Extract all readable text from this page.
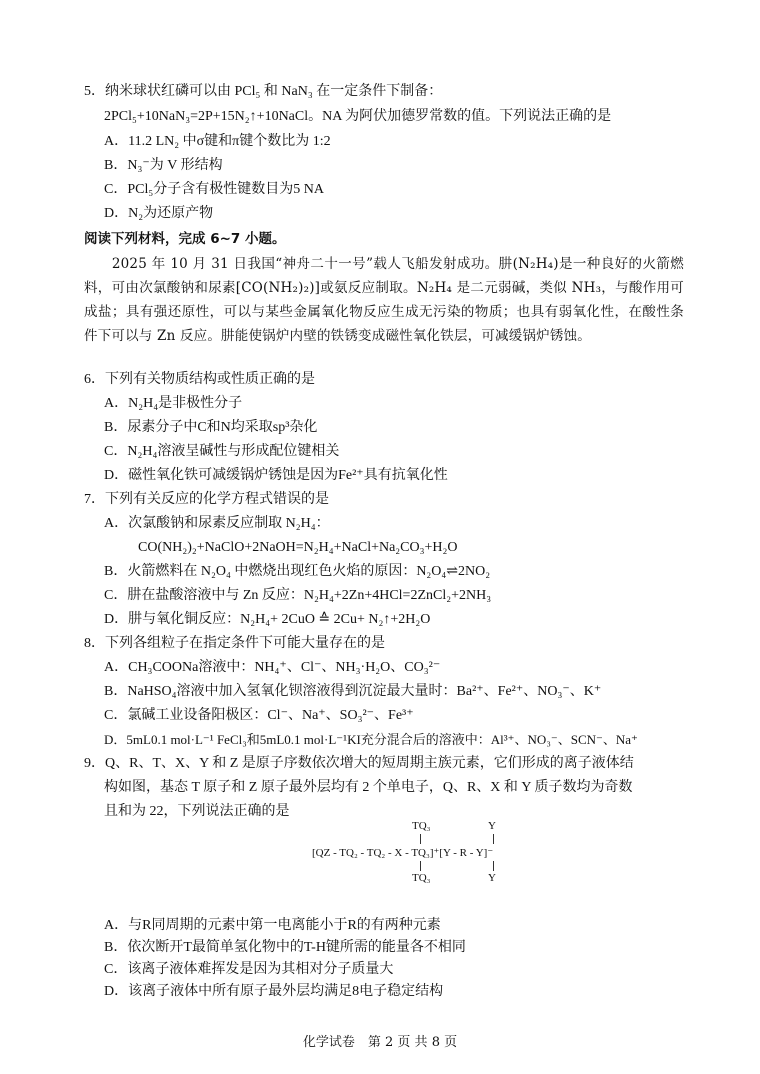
5．纳米球状红磷可以由 PCl₅ 和 NaN₃ 在一定条件下制备：
2PCl₅+10NaN₃=2P+15N₂↑+10NaCl。NA 为阿伏加德罗常数的值。下列说法正确的是
A．11.2 LN₂ 中σ键和π键个数比为 1:2
B．N₃⁻为 V 形结构
C．PCl₅分子含有极性键数目为5 NA
D．N₂为还原产物
阅读下列材料，完成 6~7 小题。
　　2025 年 10 月 31 日我国“神舟二十一号”载人飞船发射成功。肼(N₂H₄)是一种良好的火箭燃料，可由次氯酸钠和尿素[CO(NH₂)₂)]或氨反应制取。N₂H₄ 是二元弱碱，类似 NH₃，与酸作用可成盐；具有强还原性，可以与某些金属氧化物反应生成无污染的物质；也具有弱氧化性，在酸性条件下可以与 Zn 反应。肼能使锅炉内壁的铁锈变成磁性氧化铁层，可减缓锅炉锈蚀。
6．下列有关物质结构或性质正确的是
A．N₂H₄是非极性分子
B．尿素分子中C和N均采取sp³杂化
C．N₂H₄溶液呈碱性与形成配位键相关
D．磁性氧化铁可减缓锅炉锈蚀是因为Fe²⁺具有抗氧化性
7．下列有关反应的化学方程式错误的是
A．次氯酸钠和尿素反应制取 N₂H₄：
CO(NH₂)₂+NaClO+2NaOH=N₂H₄+NaCl+Na₂CO₃+H₂O
B．火箭燃料在 N₂O₄ 中燃烧出现红色火焰的原因：N₂O₄⇌2NO₂
C．肼在盐酸溶液中与 Zn 反应：N₂H₄+2Zn+4HCl=2ZnCl₂+2NH₃
D．肼与氧化铜反应：N₂H₄+ 2CuO ≙ 2Cu+ N₂↑+2H₂O
8．下列各组粒子在指定条件下可能大量存在的是
A．CH₃COONa溶液中：NH₄⁺、Cl⁻、NH₃·H₂O、CO₃²⁻
B．NaHSO₄溶液中加入氢氧化钡溶液得到沉淀最大量时：Ba²⁺、Fe²⁺、NO₃⁻、K⁺
C．氯碱工业设备阳极区：Cl⁻、Na⁺、SO₃²⁻、Fe³⁺
D．5mL0.1 mol·L⁻¹ FeCl₃和5mL0.1 mol·L⁻¹KI充分混合后的溶液中：Al³⁺、NO₃⁻、SCN⁻、Na⁺
9．Q、R、T、X、Y 和 Z 是原子序数依次增大的短周期主族元素，它们形成的离子液体结
构如图，基态 T 原子和 Z 原子最外层均有 2 个单电子，Q、R、X 和 Y 质子数均为奇数
且和为 22，下列说法正确的是
TQ₃	Y
[QZ - TQ₂ - TQ₂ - X - TQ₃]⁺[Y - R - Y]⁻
TQ₃	Y
A．与R同周期的元素中第一电离能小于R的有两种元素
B．依次断开T最简单氢化物中的T-H键所需的能量各不相同
C．该离子液体难挥发是因为其相对分子质量大
D．该离子液体中所有原子最外层均满足8电子稳定结构
化学试卷　第 2 页 共 8 页
